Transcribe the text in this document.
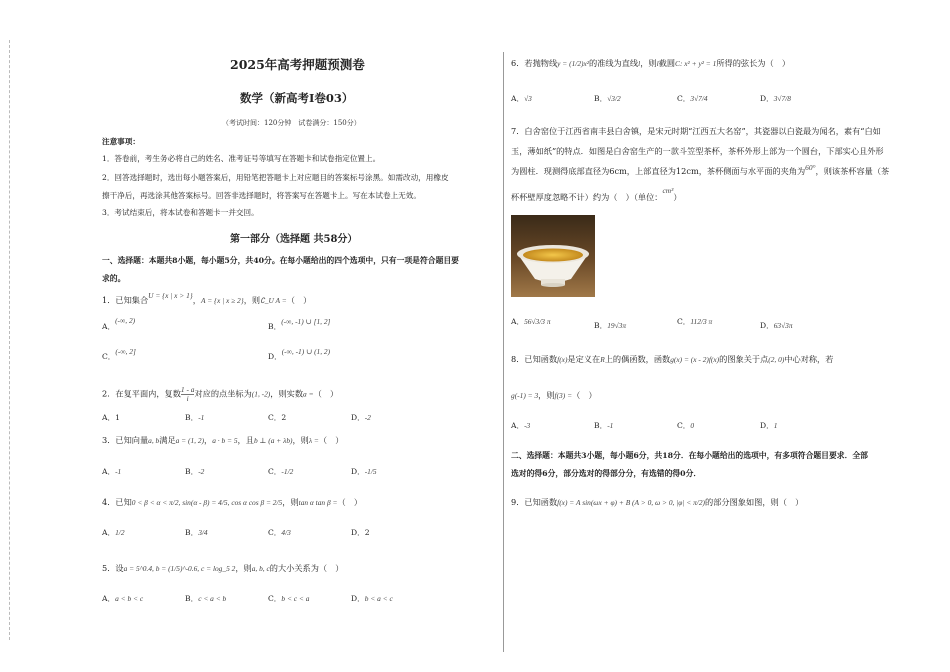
2025年高考押题预测卷
数学（新高考Ⅰ卷03）
（考试时间：120分钟　试卷满分：150分）
注意事项：
1．答卷前，考生务必将自己的姓名、准考证号等填写在答题卡和试卷指定位置上。
2．回答选择题时，选出每小题答案后，用铅笔把答题卡上对应题目的答案标号涂黑。如需改动，用橡皮
擦干净后，再选涂其他答案标号。回答非选择题时，将答案写在答题卡上。写在本试卷上无效。
3．考试结束后，将本试卷和答题卡一并交回。
第一部分（选择题 共58分）
一、选择题：本题共8小题，每小题5分，共40分。在每小题给出的四个选项中，只有一项是符合题目要
求的。
1．已知集合U = {x | x > 1}，A = {x | x ≥ 2}，则∁_U A =（　）
A．(-∞, 2)
B．(-∞, -1) ∪ [1, 2]
C．(-∞, 2]
D．(-∞, -1) ∪ (1, 2)
2．在复平面内，复数 $\frac{1 - a}{i}$ 对应的点坐标为(1, -2)，则实数a =（　）
A．1	B．-1	C．2	D．-2
3．已知向量a, b满足a = (1, 2)，a · b = 5，且b ⊥ (a + λb)，则λ =（　）
A．-1	B．-2	C．-1/2	D．-1/5
4．已知0 < β < α < π/2, sin(α - β) = 4/5, cos α cos β = 2/5，则tan α tan β =（　）
A．1/2	B．3/4	C．4/3	D．2
5．设a = 5^0.4, b = (1/5)^-0.6, c = log_5 2，则a, b, c的大小关系为（　）
A．a < b < c	B．c < a < b	C．b < c < a	D．b < a < c
6．若抛物线y = (1/2)x²的准线为直线l，则l截圆C: x² + y² = 1所得的弦长为（　）
A．√3	B．√3/2	C．3√7/4	D．3√7/8
7．白舍窑位于江西省南丰县白舍镇，是宋元时期“江西五大名窑”，其瓷器以白瓷最为闻名，素有“白如
玉，薄如纸”的特点．如图是白舍窑生产的一款斗笠型茶杯，茶杯外形上部为一个圆台，下部实心且外形
为圆柱．现测得底部直径为6cm，上部直径为12cm，茶杯侧面与水平面的夹角为60°，则该茶杯容量（茶
杯杯壁厚度忽略不计）约为（　）（单位：cm³）
A．56√3/3 π	B．19√3π	C．112/3 π	D．63√3π
8．已知函数f(x)是定义在R上的偶函数，函数g(x) = (x - 2)f(x)的图象关于点(2, 0)中心对称，若
g(-1) = 3，则f(3) =（　）
A．-3	B．-1	C．0	D．1
二、选择题：本题共3小题，每小题6分，共18分．在每小题给出的选项中，有多项符合题目要求．全部
选对的得6分，部分选对的得部分分，有选错的得0分．
9．已知函数f(x) = A sin(ωx + φ) + B (A > 0, ω > 0, |φ| < π/2)的部分图象如图，则（　）
